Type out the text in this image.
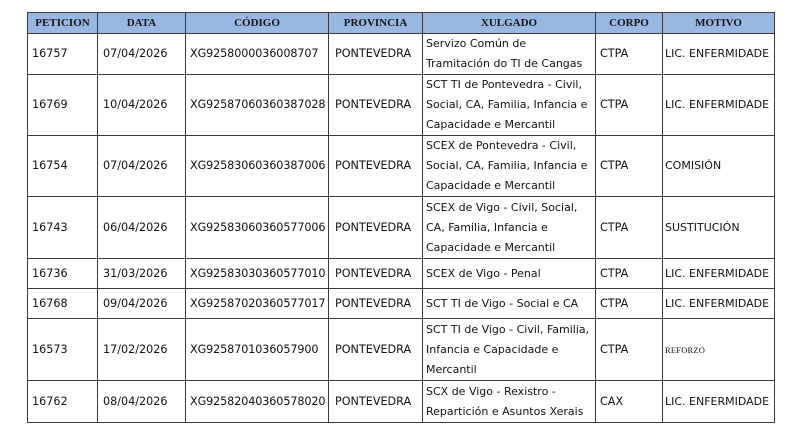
PETICION	DATA	CÓDIGO	PROVINCIA	XULGADO	CORPO	MOTIVO
16757	07/04/2026	XG9258000036008707	PONTEVEDRA	Servizo Común de Tramitación do TI de Cangas	CTPA	LIC. ENFERMIDADE
16769	10/04/2026	XG92587060360387028	PONTEVEDRA	SCT TI de Pontevedra - Civil, Social, CA, Familia, Infancia e Capacidade e Mercantil	CTPA	LIC. ENFERMIDADE
16754	07/04/2026	XG92583060360387006	PONTEVEDRA	SCEX de Pontevedra - Civil, Social, CA, Familia, Infancia e Capacidade e Mercantil	CTPA	COMISIÓN
16743	06/04/2026	XG92583060360577006	PONTEVEDRA	SCEX de Vigo - Civil, Social, CA, Familia, Infancia e Capacidade e Mercantil	CTPA	SUSTITUCIÓN
16736	31/03/2026	XG92583030360577010	PONTEVEDRA	SCEX de Vigo - Penal	CTPA	LIC. ENFERMIDADE
16768	09/04/2026	XG92587020360577017	PONTEVEDRA	SCT TI de Vigo - Social e CA	CTPA	LIC. ENFERMIDADE
16573	17/02/2026	XG9258701036057900	PONTEVEDRA	SCT TI de Vigo - Civil, Familia, Infancia e Capacidade e Mercantil	CTPA	REFORZO
16762	08/04/2026	XG92582040360578020	PONTEVEDRA	SCX de Vigo - Rexistro - Repartición e Asuntos Xerais	CAX	LIC. ENFERMIDADE
